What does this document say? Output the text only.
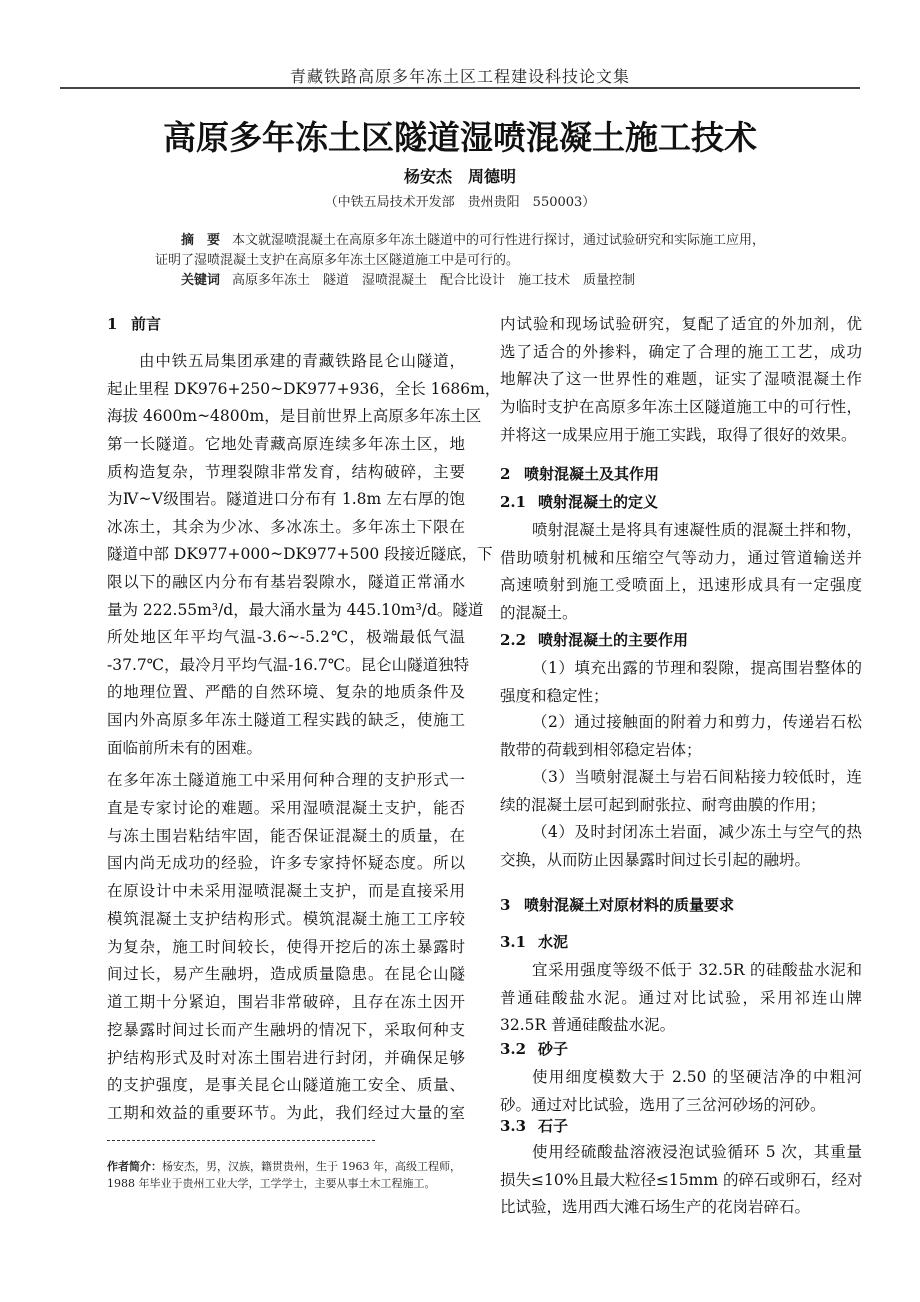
青藏铁路高原多年冻土区工程建设科技论文集
高原多年冻土区隧道湿喷混凝土施工技术
杨安杰　周德明
（中铁五局技术开发部　贵州贵阳　550003）
摘　要 本文就湿喷混凝土在高原多年冻土隧道中的可行性进行探讨，通过试验研究和实际施工应用，
证明了湿喷混凝土支护在高原多年冻土区隧道施工中是可行的。
关键词 高原多年冻土　隧道　湿喷混凝土　配合比设计　施工技术　质量控制
1 前言
由中铁五局集团承建的青藏铁路昆仑山隧道，
起止里程 DK976+250~DK977+936，全长 1686m，
海拔 4600m~4800m，是目前世界上高原多年冻土区
第一长隧道。它地处青藏高原连续多年冻土区，地
质构造复杂，节理裂隙非常发育，结构破碎，主要
为Ⅳ~Ⅴ级围岩。隧道进口分布有 1.8m 左右厚的饱
冰冻土，其余为少冰、多冰冻土。多年冻土下限在
隧道中部 DK977+000~DK977+500 段接近隧底，下
限以下的融区内分布有基岩裂隙水，隧道正常涌水
量为 222.55m³/d，最大涌水量为 445.10m³/d。隧道
所处地区年平均气温-3.6~-5.2℃，极端最低气温
-37.7℃，最冷月平均气温-16.7℃。昆仑山隧道独特
的地理位置、严酷的自然环境、复杂的地质条件及
国内外高原多年冻土隧道工程实践的缺乏，使施工
面临前所未有的困难。
在多年冻土隧道施工中采用何种合理的支护形式一
直是专家讨论的难题。采用湿喷混凝土支护，能否
与冻土围岩粘结牢固，能否保证混凝土的质量，在
国内尚无成功的经验，许多专家持怀疑态度。所以
在原设计中未采用湿喷混凝土支护，而是直接采用
模筑混凝土支护结构形式。模筑混凝土施工工序较
为复杂，施工时间较长，使得开挖后的冻土暴露时
间过长，易产生融坍，造成质量隐患。在昆仑山隧
道工期十分紧迫，围岩非常破碎，且存在冻土因开
挖暴露时间过长而产生融坍的情况下，采取何种支
护结构形式及时对冻土围岩进行封闭，并确保足够
的支护强度，是事关昆仑山隧道施工安全、质量、
工期和效益的重要环节。为此，我们经过大量的室
内试验和现场试验研究，复配了适宜的外加剂，优
选了适合的外掺料，确定了合理的施工工艺，成功
地解决了这一世界性的难题，证实了湿喷混凝土作
为临时支护在高原多年冻土区隧道施工中的可行性，
并将这一成果应用于施工实践，取得了很好的效果。
2 喷射混凝土及其作用
2.1 喷射混凝土的定义
喷射混凝土是将具有速凝性质的混凝土拌和物，
借助喷射机械和压缩空气等动力，通过管道输送并
高速喷射到施工受喷面上，迅速形成具有一定强度
的混凝土。
2.2 喷射混凝土的主要作用
（1）填充出露的节理和裂隙，提高围岩整体的
强度和稳定性；
（2）通过接触面的附着力和剪力，传递岩石松
散带的荷载到相邻稳定岩体；
（3）当喷射混凝土与岩石间粘接力较低时，连
续的混凝土层可起到耐张拉、耐弯曲膜的作用；
（4）及时封闭冻土岩面，减少冻土与空气的热
交换，从而防止因暴露时间过长引起的融坍。
3 喷射混凝土对原材料的质量要求
3.1 水泥
宜采用强度等级不低于 32.5R 的硅酸盐水泥和
普通硅酸盐水泥。通过对比试验，采用祁连山牌
32.5R 普通硅酸盐水泥。
3.2 砂子
使用细度模数大于 2.50 的坚硬洁净的中粗河
砂。通过对比试验，选用了三岔河砂场的河砂。
3.3 石子
使用经硫酸盐溶液浸泡试验循环 5 次，其重量
损失≤10%且最大粒径≤15mm 的碎石或卵石，经对
比试验，选用西大滩石场生产的花岗岩碎石。
作者简介：杨安杰，男，汉族，籍贯贵州，生于 1963 年，高级工程师，
1988 年毕业于贵州工业大学，工学学士，主要从事土木工程施工。
